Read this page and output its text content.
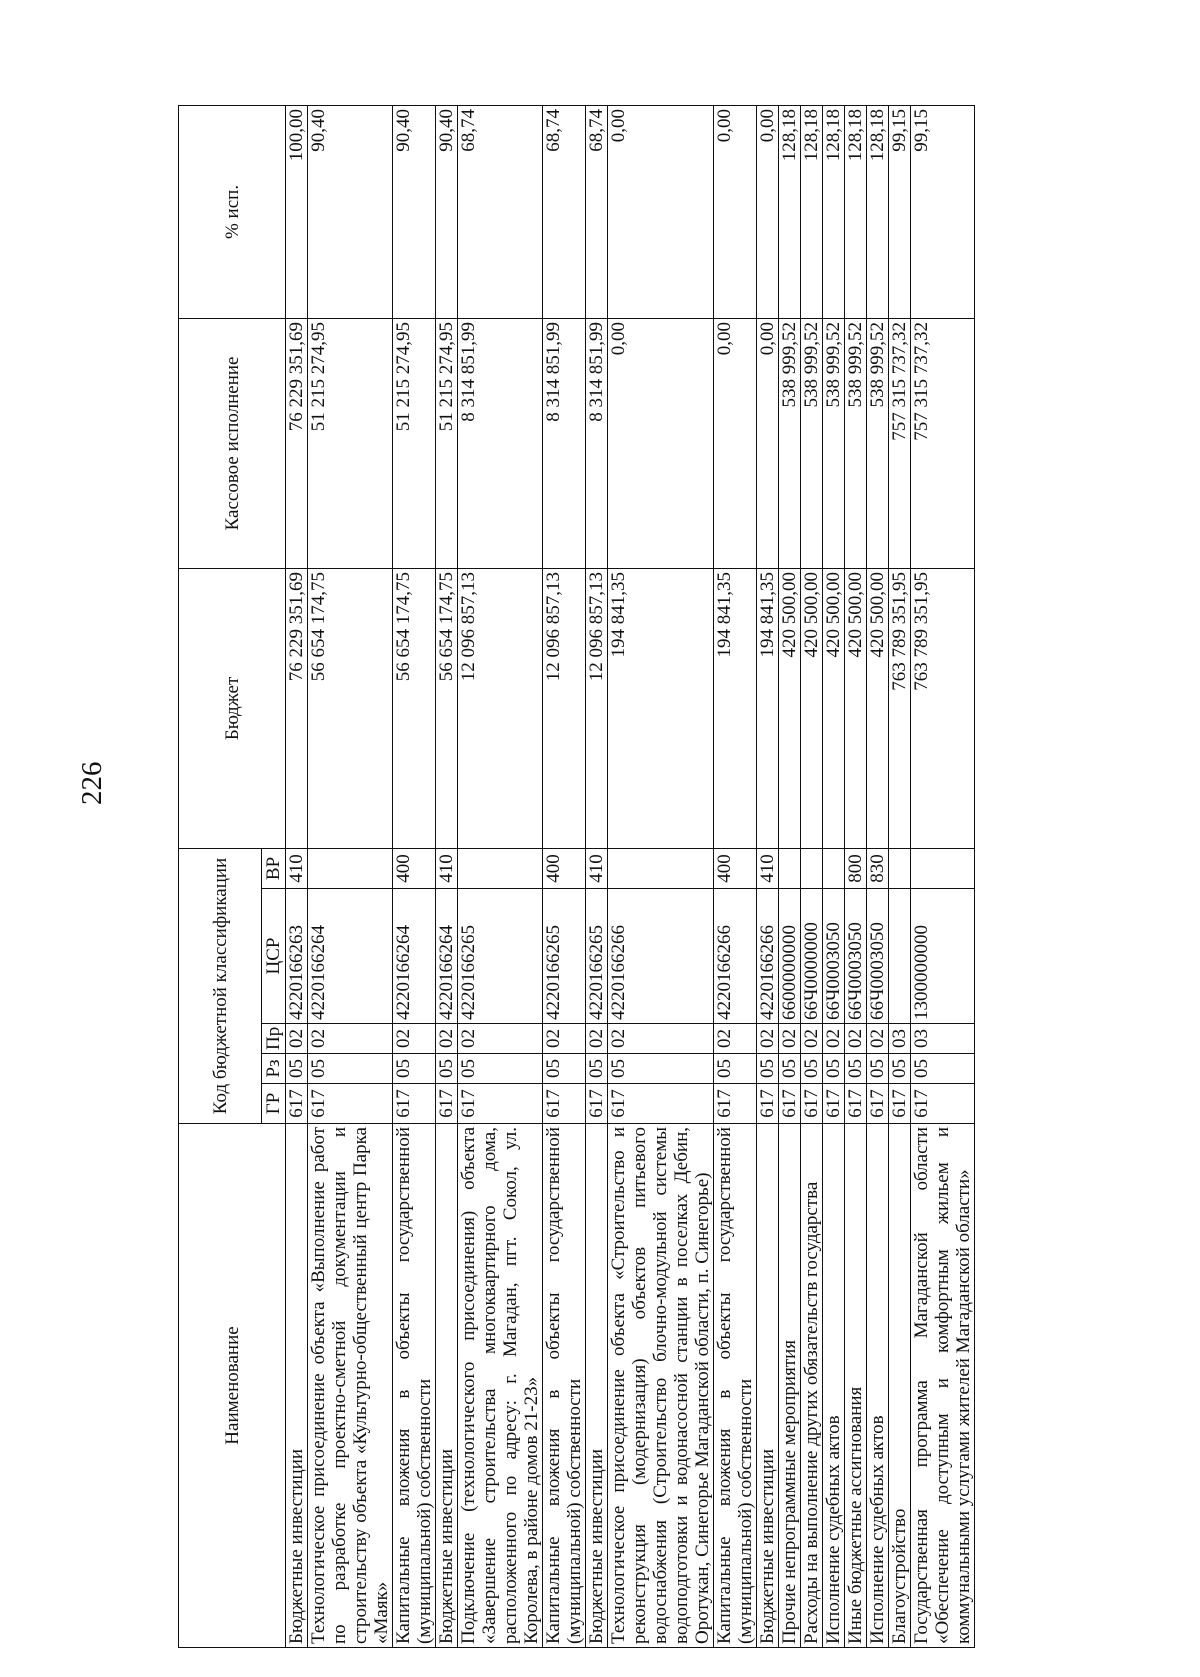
226
Наименование	Код бюджетной классификации					Бюджет	Кассовое исполнение	% исп.
	ГР	Рз	Пр	ЦСР	ВР			
Бюджетные инвестиции	617	05	02	4220166263	410	76 229 351,69	76 229 351,69	100,00
Технологическое присоединение объекта «Выполнение работ по разработке проектно-сметной документации и строительству объекта «Культурно-общественный центр Парка «Маяк»	617	05	02	4220166264		56 654 174,75	51 215 274,95	90,40
Капитальные вложения в объекты государственной (муниципальной) собственности	617	05	02	4220166264	400	56 654 174,75	51 215 274,95	90,40
Бюджетные инвестиции	617	05	02	4220166264	410	56 654 174,75	51 215 274,95	90,40
Подключение (технологического присоединения) объекта «Завершение строительства многоквартирного дома, расположенного по адресу: г. Магадан, пгт. Сокол, ул. Королева, в районе домов 21-23»	617	05	02	4220166265		12 096 857,13	8 314 851,99	68,74
Капитальные вложения в объекты государственной (муниципальной) собственности	617	05	02	4220166265	400	12 096 857,13	8 314 851,99	68,74
Бюджетные инвестиции	617	05	02	4220166265	410	12 096 857,13	8 314 851,99	68,74
Технологическое присоединение объекта «Строительство и реконструкция (модернизация) объектов питьевого водоснабжения (Строительство блочно-модульной системы водоподготовки и водонасосной станции в поселках Дебин, Оротукан, Синегорье Магаданской области, п. Синегорье)	617	05	02	4220166266		194 841,35	0,00	0,00
Капитальные вложения в объекты государственной (муниципальной) собственности	617	05	02	4220166266	400	194 841,35	0,00	0,00
Бюджетные инвестиции	617	05	02	4220166266	410	194 841,35	0,00	0,00
Прочие непрограммные мероприятия	617	05	02	6600000000		420 500,00	538 999,52	128,18
Расходы на выполнение других обязательств государства	617	05	02	66Ч0000000		420 500,00	538 999,52	128,18
Исполнение судебных актов	617	05	02	66Ч0003050		420 500,00	538 999,52	128,18
Иные бюджетные ассигнования	617	05	02	66Ч0003050	800	420 500,00	538 999,52	128,18
Исполнение судебных актов	617	05	02	66Ч0003050	830	420 500,00	538 999,52	128,18
Благоустройство	617	05	03			763 789 351,95	757 315 737,32	99,15
Государственная программа Магаданской области «Обеспечение доступным и комфортным жильем и коммунальными услугами жителей Магаданской области»	617	05	03	1300000000		763 789 351,95	757 315 737,32	99,15
